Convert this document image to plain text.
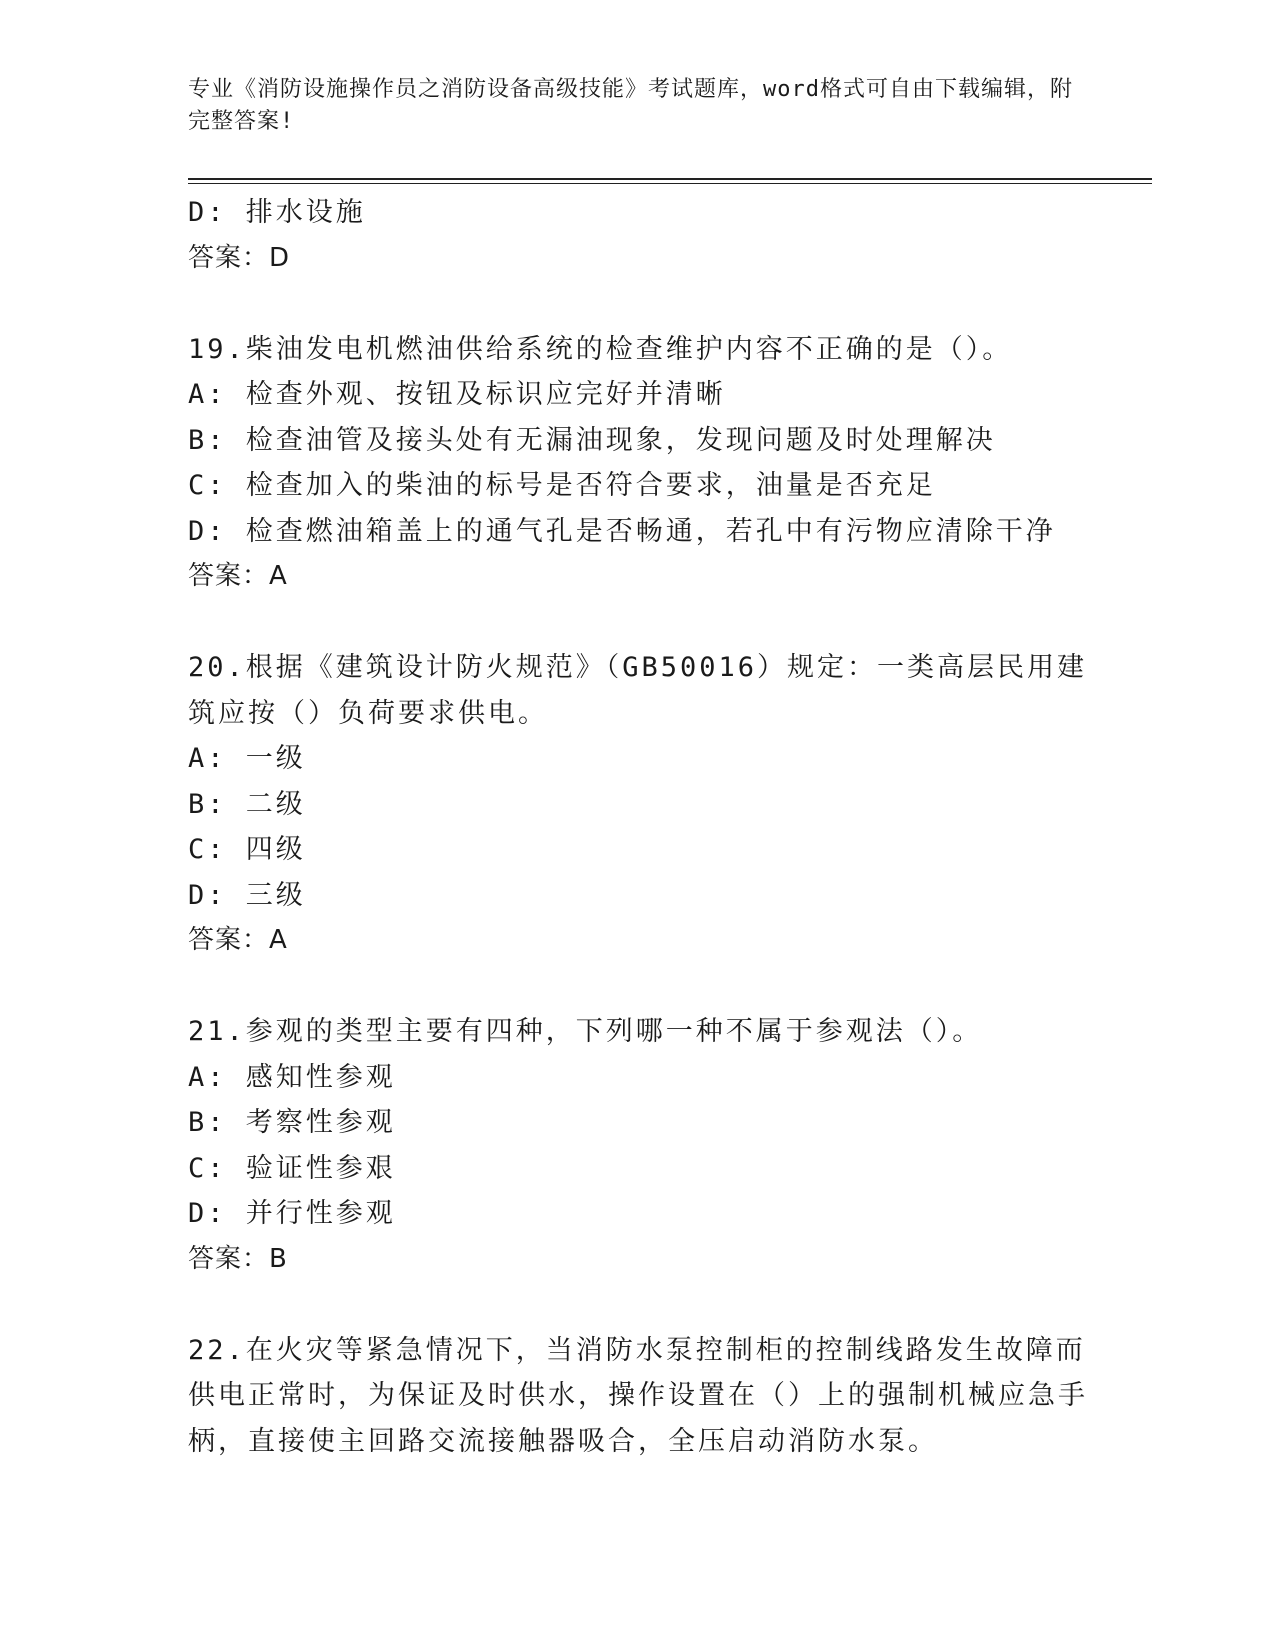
专业《消防设施操作员之消防设备高级技能》考试题库，word格式可自由下载编辑，附完整答案!
D: 排水设施
答案：D
19.柴油发电机燃油供给系统的检查维护内容不正确的是（）。
A: 检查外观、按钮及标识应完好并清晰
B: 检查油管及接头处有无漏油现象，发现问题及时处理解决
C: 检查加入的柴油的标号是否符合要求，油量是否充足
D: 检查燃油箱盖上的通气孔是否畅通，若孔中有污物应清除干净
答案：A
20.根据《建筑设计防火规范》（GB50016）规定：一类高层民用建筑应按（）负荷要求供电。
A: 一级
B: 二级
C: 四级
D: 三级
答案：A
21.参观的类型主要有四种，下列哪一种不属于参观法（）。
A: 感知性参观
B: 考察性参观
C: 验证性参艰
D: 并行性参观
答案：B
22.在火灾等紧急情况下，当消防水泵控制柜的控制线路发生故障而供电正常时，为保证及时供水，操作设置在（）上的强制机械应急手柄，直接使主回路交流接触器吸合，全压启动消防水泵。
